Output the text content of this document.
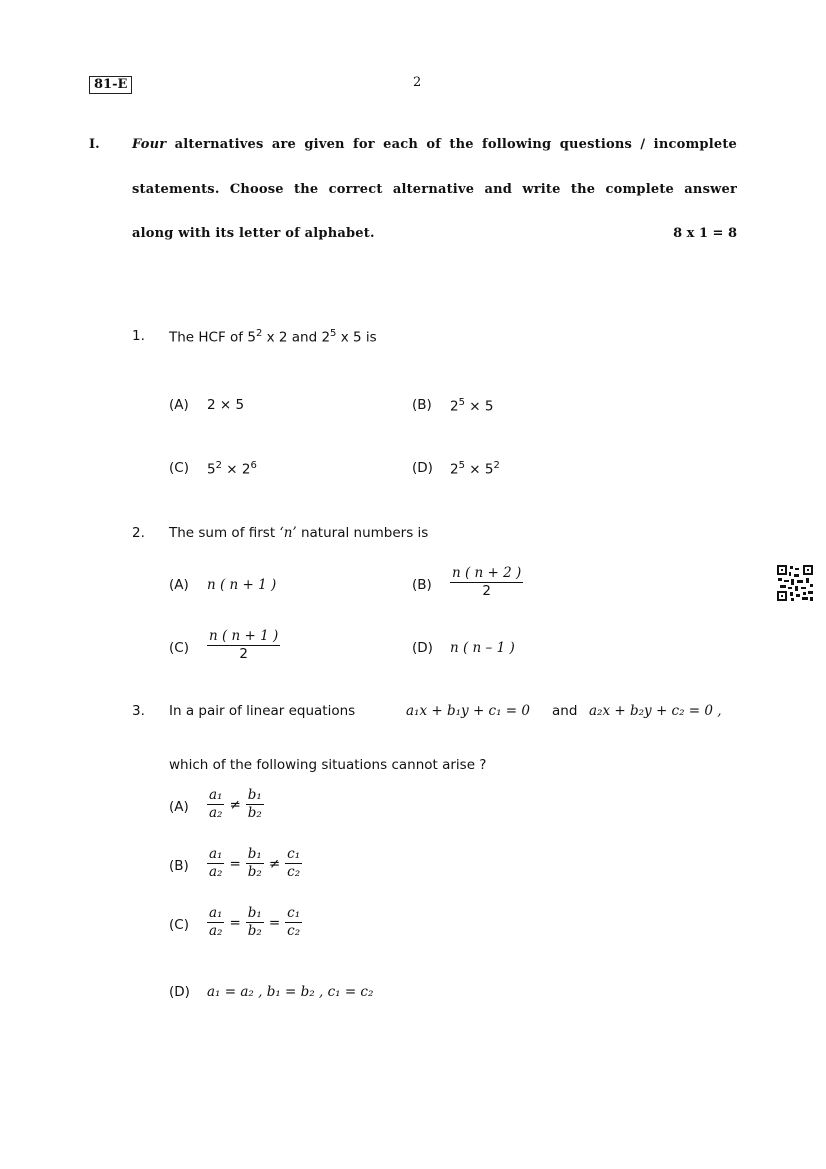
81-E	2
I. Four alternatives are given for each of the following questions / incomplete
statements. Choose the correct alternative and write the complete answer
along with its letter of alphabet.	8 x 1 = 8
1. The HCF of $5^2$ x 2 and $2^5$ x 5 is
(A) 2 × 5	(B) $2^5 \times 5$
(C) $5^2 \times 2^6$	(D) $2^5 \times 5^2$
2. The sum of first ‘n’ natural numbers is
(A) n ( n + 1 )	$(B) \frac{n ( n + 2 )}{2}$
$(C) \frac{n ( n + 1 )}{2}$	(D) n ( n – 1 )
3. In a pair of linear equations	a₁x + b₁y + c₁ = 0 and a₂x + b₂y + c₂ = 0 ,
which of the following situations cannot arise ?
$(A) \frac{\text{a₁}}{\text{a₂}} \ne \frac{\text{b₁}}{\text{b₂}}$
$(B) \frac{\text{a₁}}{\text{a₂}} = \frac{\text{b₁}}{\text{b₂}} \ne \frac{\text{c₁}}{\text{c₂}}$
$(C) \frac{\text{a₁}}{\text{a₂}} = \frac{\text{b₁}}{\text{b₂}} = \frac{\text{c₁}}{\text{c₂}}$
(D) a₁ = a₂ , b₁ = b₂ , c₁ = c₂
